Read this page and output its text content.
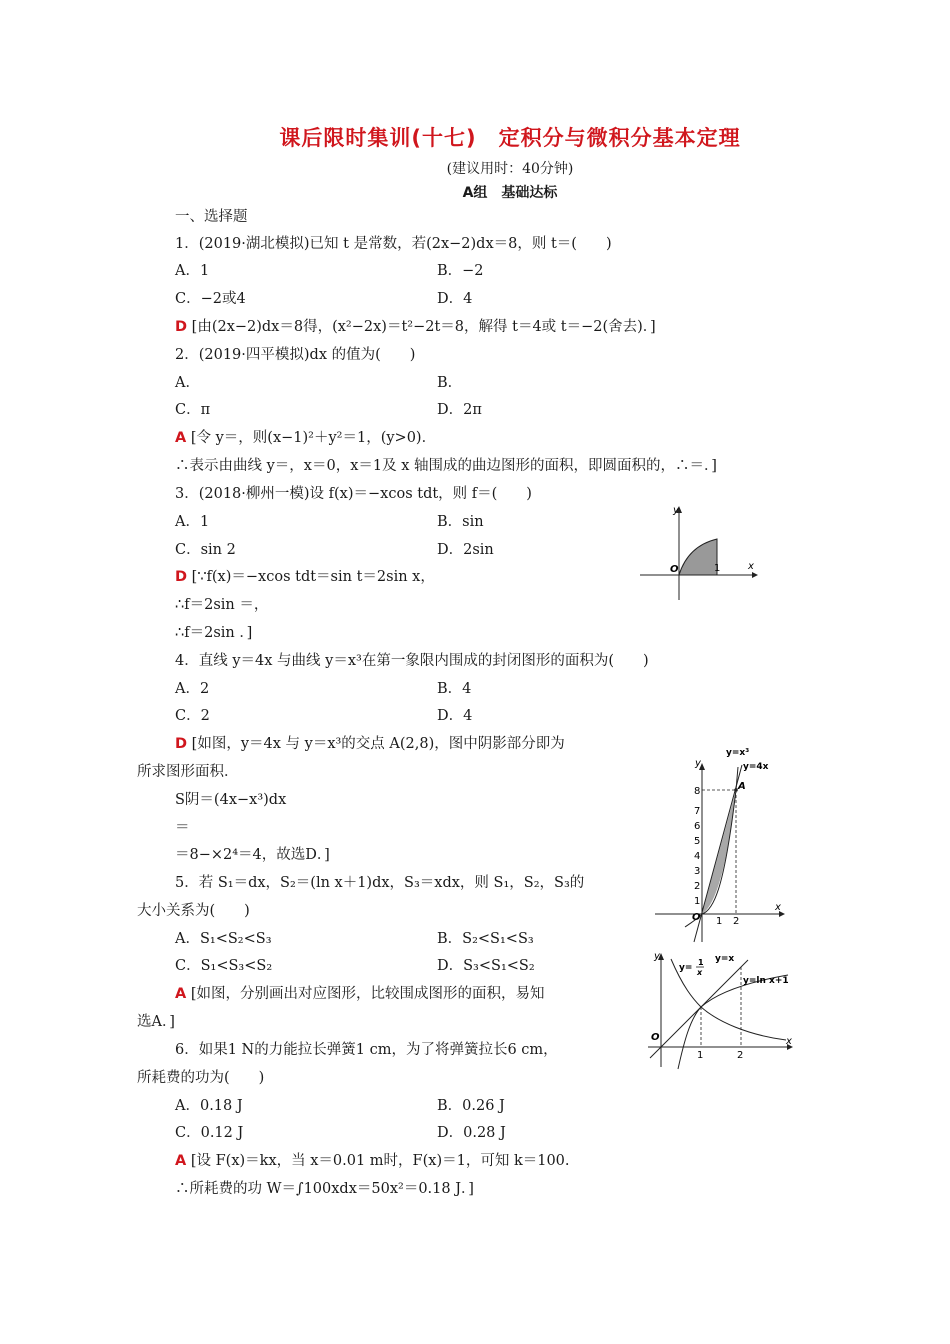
课后限时集训(十七)　定积分与微积分基本定理
(建议用时：40分钟)
A组　基础达标
一、选择题
1．(2019·湖北模拟)已知 t 是常数，若(2x−2)dx＝8，则 t＝(　　)
A．1	B．−2
C．−2或4	D．4
D [由(2x−2)dx＝8得，(x²−2x)＝t²−2t＝8，解得 t＝4或 t＝−2(舍去)．]
2．(2019·四平模拟)dx 的值为(　　)
A．	B．
C．π	D．2π
A [令 y＝，则(x−1)²＋y²＝1，(y>0)．
∴表示由曲线 y＝，x＝0，x＝1及 x 轴围成的曲边图形的面积，即圆面积的，∴＝．]
3．(2018·柳州一模)设 f(x)＝−xcos tdt，则 f＝(　　)
A．1	B．sin
C．sin 2	D．2sin
D [∵f(x)＝−xcos tdt＝sin t＝2sin x，
∴f＝2sin ＝，
∴f＝2sin ．]
y
x
O	1
4．直线 y＝4x 与曲线 y＝x³在第一象限内围成的封闭图形的面积为(　　)
A．2	B．4
C．2	D．4
D [如图，y＝4x 与 y＝x³的交点 A(2,8)，图中阴影部分即为
所求图形面积．
S阴＝(4x−x³)dx
＝
＝8−×2⁴＝4，故选D．]
A
y=x³
y=4x
y
x
O
1
2
3
4
5
6
7
8
1 2
5．若 S₁＝dx，S₂＝(ln x＋1)dx，S₃＝xdx，则 S₁，S₂，S₃的
大小关系为(　　)
A．S₁<S₂<S₃	B．S₂<S₁<S₃
C．S₁<S₃<S₂	D．S₃<S₁<S₂
A [如图，分别画出对应图形，比较围成图形的面积，易知
选A．]
y
x
O
1	2
y=
1
x
y=x
y=ln x+1
6．如果1 N的力能拉长弹簧1 cm，为了将弹簧拉长6 cm，
所耗费的功为(　　)
A．0.18 J	B．0.26 J
C．0.12 J	D．0.28 J
A [设 F(x)＝kx，当 x＝0.01 m时，F(x)＝1，可知 k＝100.
∴所耗费的功 W＝∫100xdx＝50x²＝0.18 J．]
